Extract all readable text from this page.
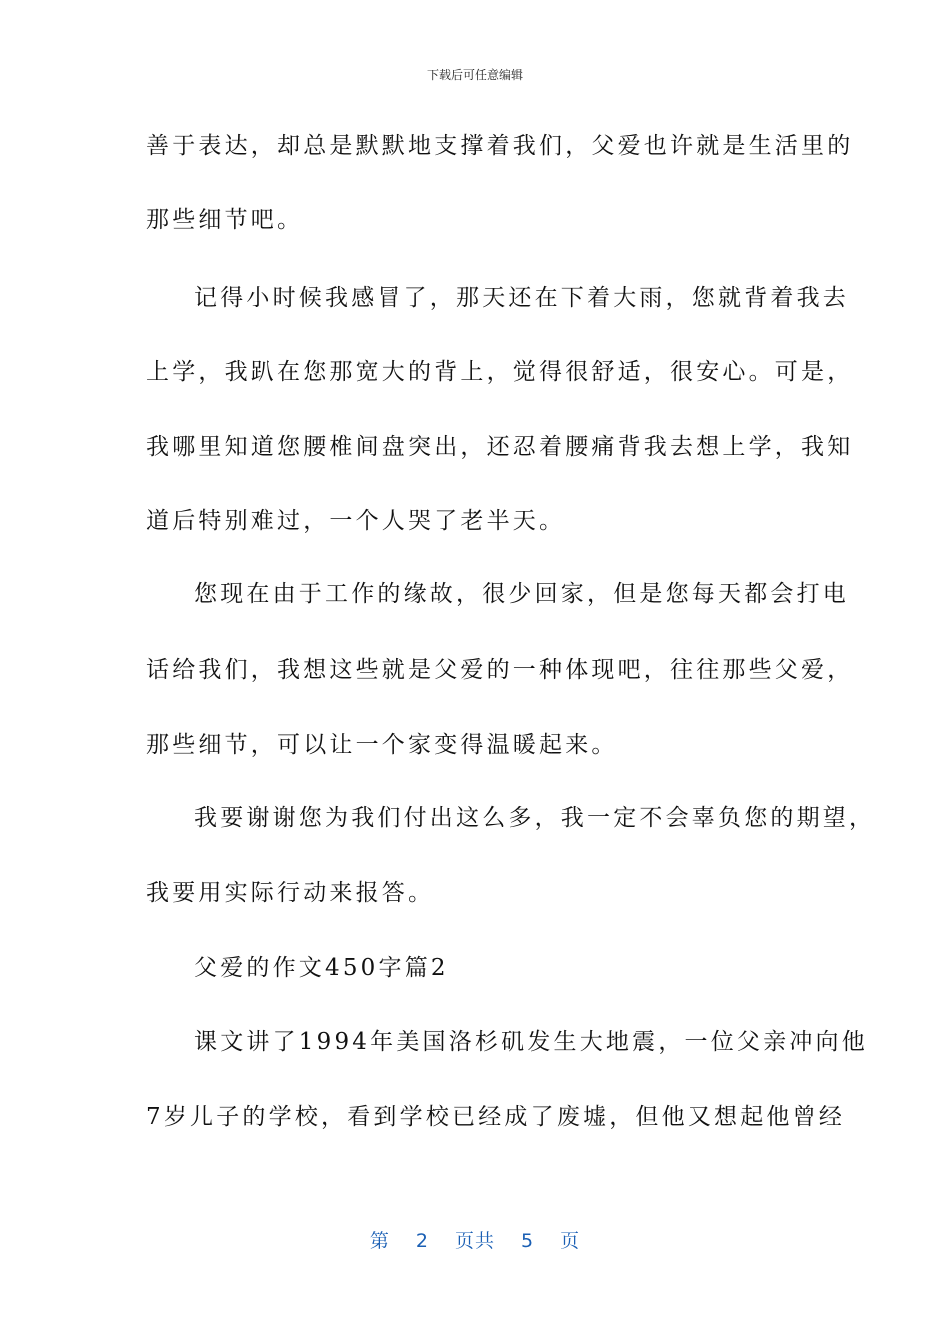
下载后可任意编辑
善于表达，却总是默默地支撑着我们，父爱也许就是生活里的
那些细节吧。
记得小时候我感冒了，那天还在下着大雨，您就背着我去
上学，我趴在您那宽大的背上，觉得很舒适，很安心。可是，
我哪里知道您腰椎间盘突出，还忍着腰痛背我去想上学，我知
道后特别难过，一个人哭了老半天。
您现在由于工作的缘故，很少回家，但是您每天都会打电
话给我们，我想这些就是父爱的一种体现吧，往往那些父爱，
那些细节，可以让一个家变得温暖起来。
我要谢谢您为我们付出这么多，我一定不会辜负您的期望，
我要用实际行动来报答。
父爱的作文450字篇2
课文讲了1994年美国洛杉矶发生大地震，一位父亲冲向他
7岁儿子的学校，看到学校已经成了废墟，但他又想起他曾经
第 2 页共 5 页
